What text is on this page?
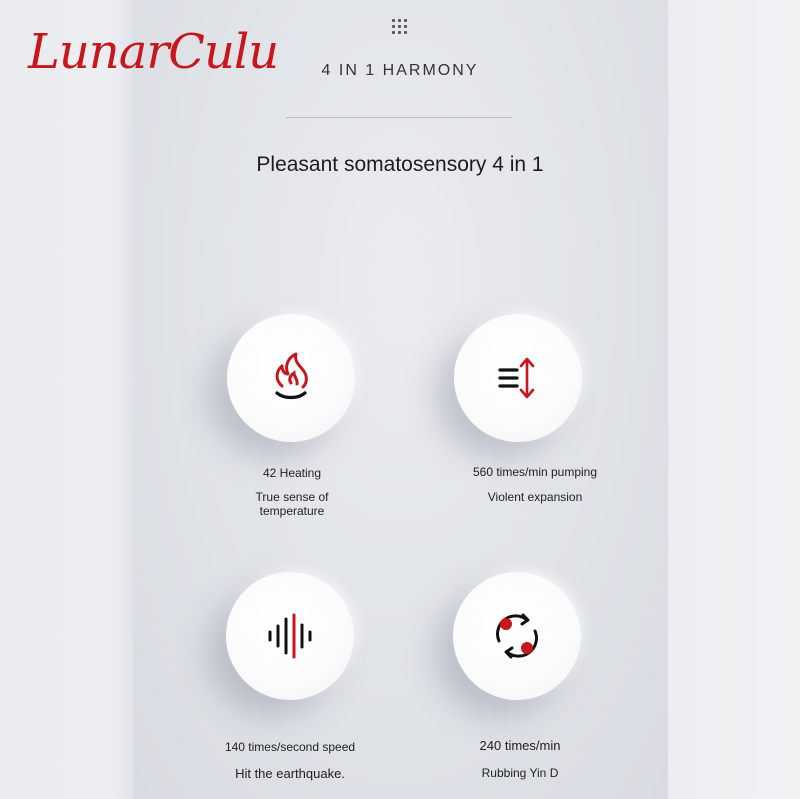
LunarCulu	4 IN 1 HARMONY
Pleasant somatosensory 4 in 1
42 Heating
True sense of temperature
560 times/min pumping
Violent expansion
140 times/second speed
Hit the earthquake.
240 times/min
Rubbing Yin D
